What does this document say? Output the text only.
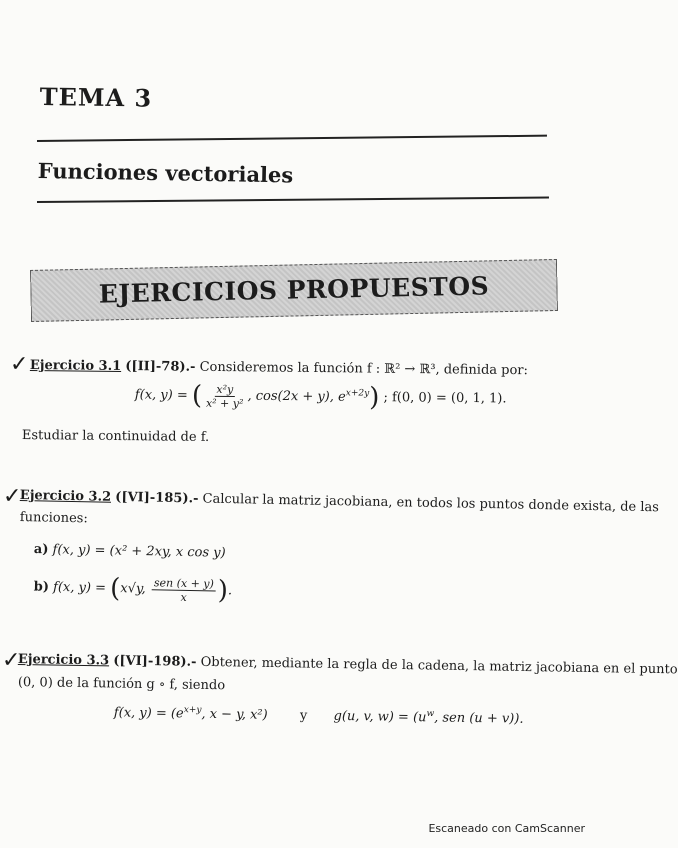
TEMA 3
Funciones vectoriales
EJERCICIOS PROPUESTOS
✓ Ejercicio 3.1 ([II]-78).- Consideremos la función f : ℝ² → ℝ³, definida por:
f(x, y) = ( $\frac{\text{x²y}}{\text{x² + y²}}$ , cos(2x + y), $e^{x+2y}$) ; f(0, 0) = (0, 1, 1).
Estudiar la continuidad de f.
✓
Ejercicio 3.2 ([VI]-185).- Calcular la matriz jacobiana, en todos los puntos donde exista, de las
funciones:
a) f(x, y) = (x² + 2xy, x cos y)
b) f(x, y) = (x√y, $\frac{\text{sen (x + y)}}{x}$ ).
✓
Ejercicio 3.3 ([VI]-198).- Obtener, mediante la regla de la cadena, la matriz jacobiana en el punto
(0, 0) de la función g ∘ f, siendo
f(x, $y) = (e^{x+y}$, x − y, x²) y g(u, v, $w) = (u^w$, sen (u + v)).
Escaneado con CamScanner
